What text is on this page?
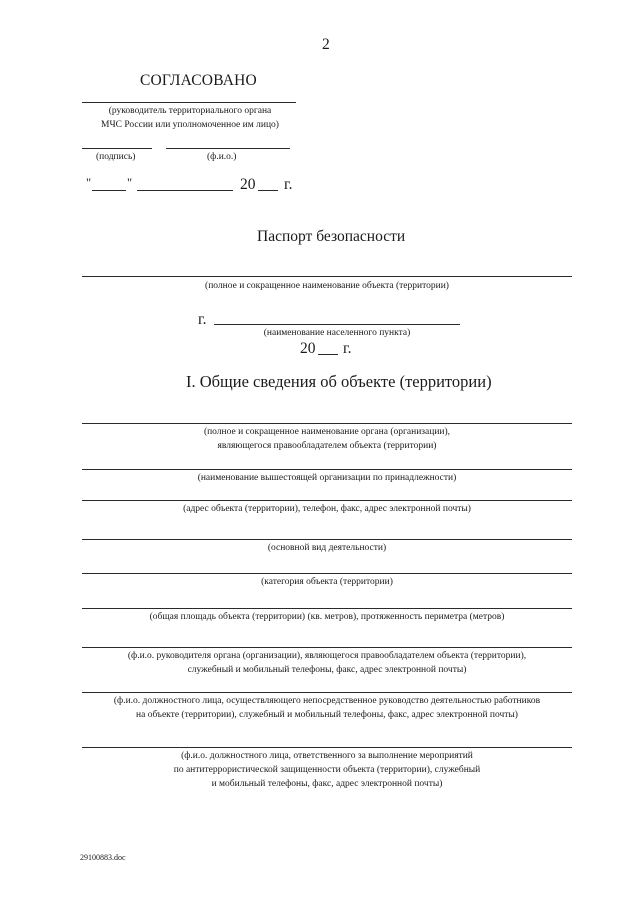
2
СОГЛАСОВАНО
(руководитель территориального органа
МЧС России или уполномоченное им лицо)
(подпись)	(ф.и.о.)
"	"	20 г.
Паспорт безопасности
(полное и сокращенное наименование объекта (территории)
г.
(наименование населенного пункта)
20 г.
I. Общие сведения об объекте (территории)
(полное и сокращенное наименование органа (организации),
являющегося правообладателем объекта (территории)
(наименование вышестоящей организации по принадлежности)
(адрес объекта (территории), телефон, факс, адрес электронной почты)
(основной вид деятельности)
(категория объекта (территории)
(общая площадь объекта (территории) (кв. метров), протяженность периметра (метров)
(ф.и.о. руководителя органа (организации), являющегося правообладателем объекта (территории),
служебный и мобильный телефоны, факс, адрес электронной почты)
(ф.и.о. должностного лица, осуществляющего непосредственное руководство деятельностью работников
на объекте (территории), служебный и мобильный телефоны, факс, адрес электронной почты)
(ф.и.о. должностного лица, ответственного за выполнение мероприятий
по антитеррористической защищенности объекта (территории), служебный
и мобильный телефоны, факс, адрес электронной почты)
29100883.doc
